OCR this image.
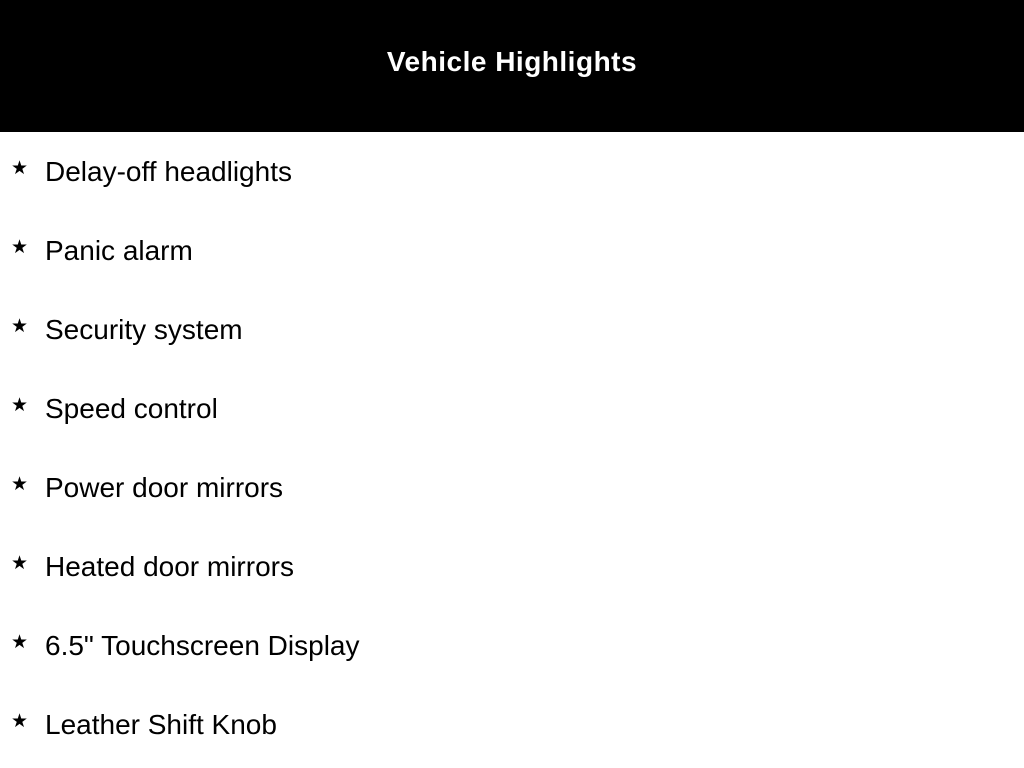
Vehicle Highlights
★ Delay-off headlights
★ Panic alarm
★ Security system
★ Speed control
★ Power door mirrors
★ Heated door mirrors
★ 6.5" Touchscreen Display
★ Leather Shift Knob
